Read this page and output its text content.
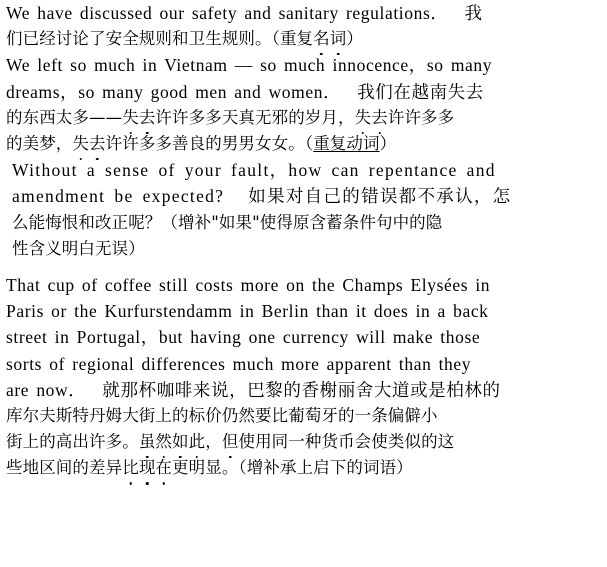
We have discussed our safety and sanitary regulations． 我
们已经讨论了安全规则和卫生规则。（重复名词）
We left so much in Vietnam — so much innocence，so many
dreams，so many good men and women． 我们在越南失去
的东西太多——失去许许多多天真无邪的岁月，失去许许多多
的美梦，失去许许多多善良的男男女女。（重复动词）
Without a sense of your fault，how can repentance and
amendment be expected? 如果对自己的错误都不承认，怎
么能悔恨和改正呢？（增补"如果"使得原含蓄条件句中的隐
性含义明白无误）
That cup of coffee still costs more on the Champs Elysées in
Paris or the Kurfurstendamm in Berlin than it does in a back
street in Portugal，but having one currency will make those
sorts of regional differences much more apparent than they
are now． 就那杯咖啡来说，巴黎的香榭丽舍大道或是柏林的
库尔夫斯特丹姆大街上的标价仍然要比葡萄牙的一条偏僻小
街上的高出许多。虽然如此，但使用同一种货币会使类似的这
些地区间的差异比现在更明显。（增补承上启下的词语）
